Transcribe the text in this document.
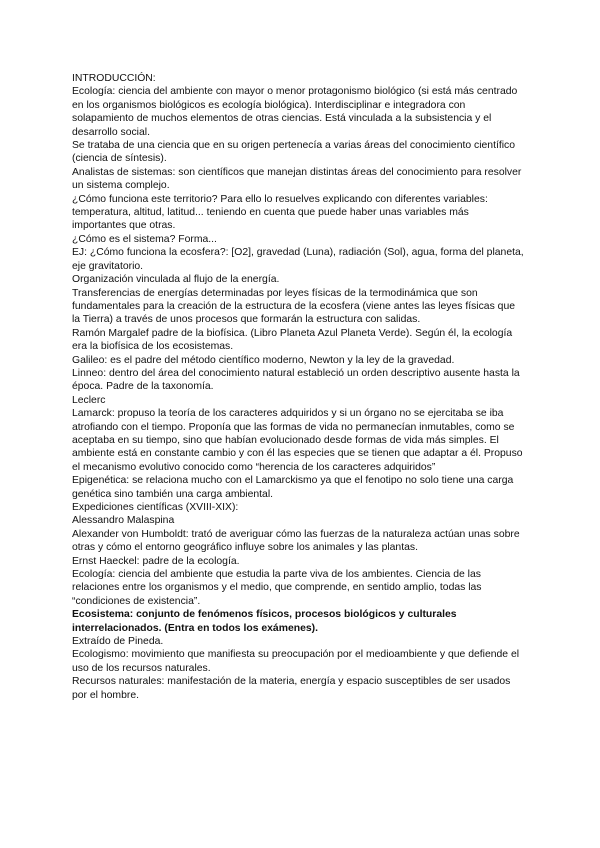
INTRODUCCIÓN:

Ecología: ciencia del ambiente con mayor o menor protagonismo biológico (si está más centrado en los organismos biológicos es ecología biológica). Interdisciplinar e integradora con solapamiento de muchos elementos de otras ciencias. Está vinculada a la subsistencia y el desarrollo social.

Se trataba de una ciencia que en su origen pertenecía a varias áreas del conocimiento científico (ciencia de síntesis).

Analistas de sistemas: son científicos que manejan distintas áreas del conocimiento para resolver un sistema complejo.

¿Cómo funciona este territorio? Para ello lo resuelves explicando con diferentes variables: temperatura, altitud, latitud... teniendo en cuenta que puede haber unas variables más importantes que otras.

¿Cómo es el sistema? Forma...

EJ: ¿Cómo funciona la ecosfera?: [O2], gravedad (Luna), radiación (Sol), agua, forma del planeta, eje gravitatorio.

Organización vinculada al flujo de la energía.

Transferencias de energías determinadas por leyes físicas de la termodinámica que son fundamentales para la creación de la estructura de la ecosfera (viene antes las leyes físicas que la Tierra) a través de unos procesos que formarán la estructura con salidas.

Ramón Margalef padre de la biofísica. (Libro Planeta Azul Planeta Verde). Según él, la ecología era la biofísica de los ecosistemas.

Galileo: es el padre del método científico moderno, Newton y la ley de la gravedad.

Linneo: dentro del área del conocimiento natural estableció un orden descriptivo ausente hasta la época. Padre de la taxonomía.

Leclerc

Lamarck: propuso la teoría de los caracteres adquiridos y si un órgano no se ejercitaba se iba atrofiando con el tiempo. Proponía que las formas de vida no permanecían inmutables, como se aceptaba en su tiempo, sino que habían evolucionado desde formas de vida más simples. El ambiente está en constante cambio y con él las especies que se tienen que adaptar a él. Propuso el mecanismo evolutivo conocido como “herencia de los caracteres adquiridos”

Epigenética: se relaciona mucho con el Lamarckismo ya que el fenotipo no solo tiene una carga genética sino también una carga ambiental.

Expediciones científicas (XVIII-XIX):

Alessandro Malaspina

Alexander von Humboldt: trató de averiguar cómo las fuerzas de la naturaleza actúan unas sobre otras y cómo el entorno geográfico influye sobre los animales y las plantas.

Ernst Haeckel: padre de la ecología.

Ecología: ciencia del ambiente que estudia la parte viva de los ambientes. Ciencia de las relaciones entre los organismos y el medio, que comprende, en sentido amplio, todas las “condiciones de existencia”.

Ecosistema: conjunto de fenómenos físicos, procesos biológicos y culturales interrelacionados. (Entra en todos los exámenes).

Extraído de Pineda.

Ecologismo: movimiento que manifiesta su preocupación por el medioambiente y que defiende el uso de los recursos naturales.

Recursos naturales: manifestación de la materia, energía y espacio susceptibles de ser usados por el hombre.
